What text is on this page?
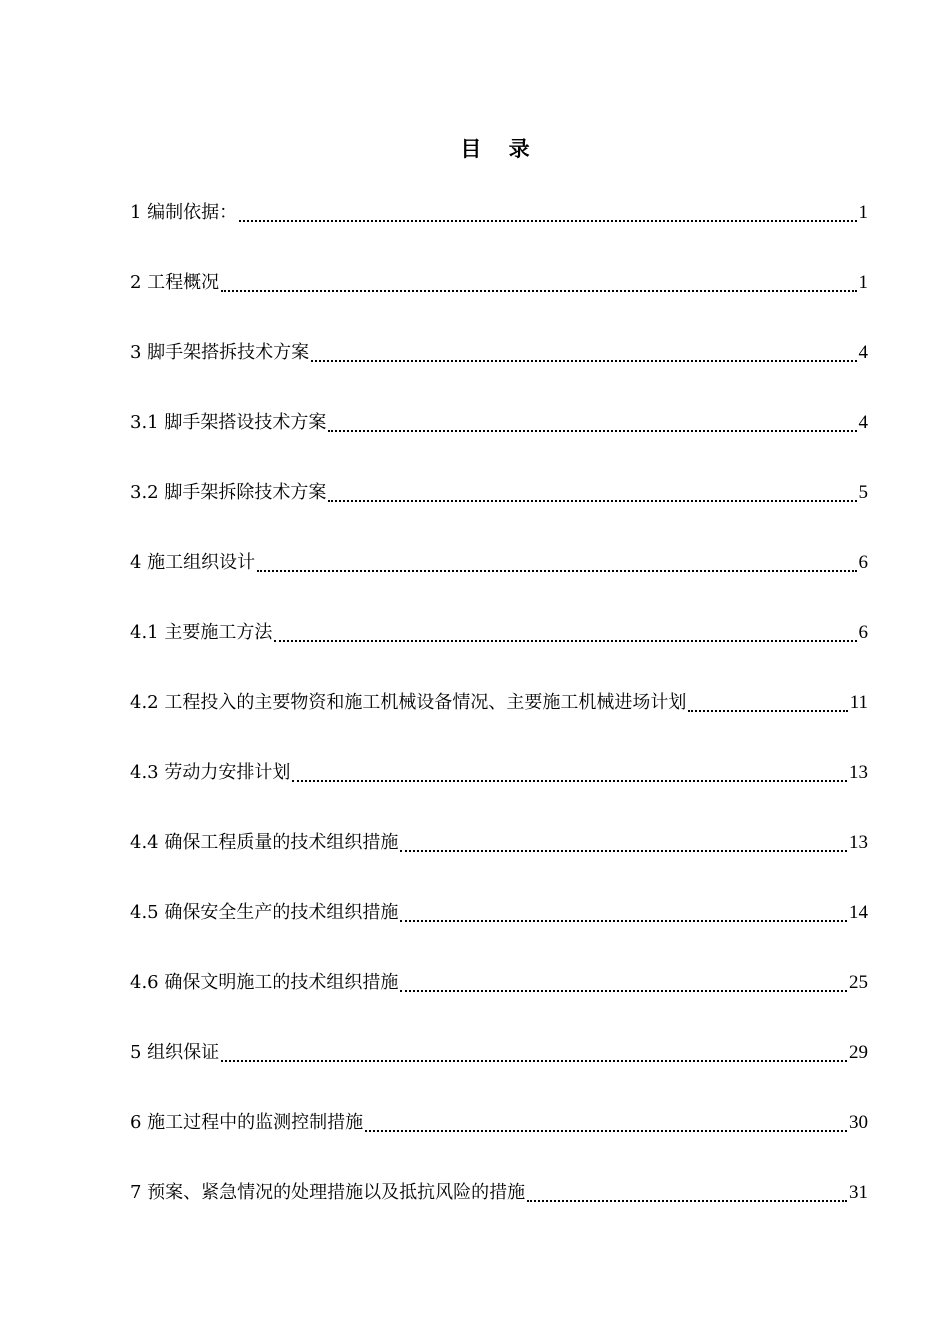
目 录
1 编制依据：	1
2 工程概况	1
3 脚手架搭拆技术方案	4
3.1 脚手架搭设技术方案	4
3.2 脚手架拆除技术方案	5
4 施工组织设计	6
4.1 主要施工方法	6
4.2 工程投入的主要物资和施工机械设备情况、主要施工机械进场计划	11
4.3 劳动力安排计划	13
4.4 确保工程质量的技术组织措施	13
4.5 确保安全生产的技术组织措施	14
4.6 确保文明施工的技术组织措施	25
5 组织保证	29
6 施工过程中的监测控制措施	30
7 预案、紧急情况的处理措施以及抵抗风险的措施	31
